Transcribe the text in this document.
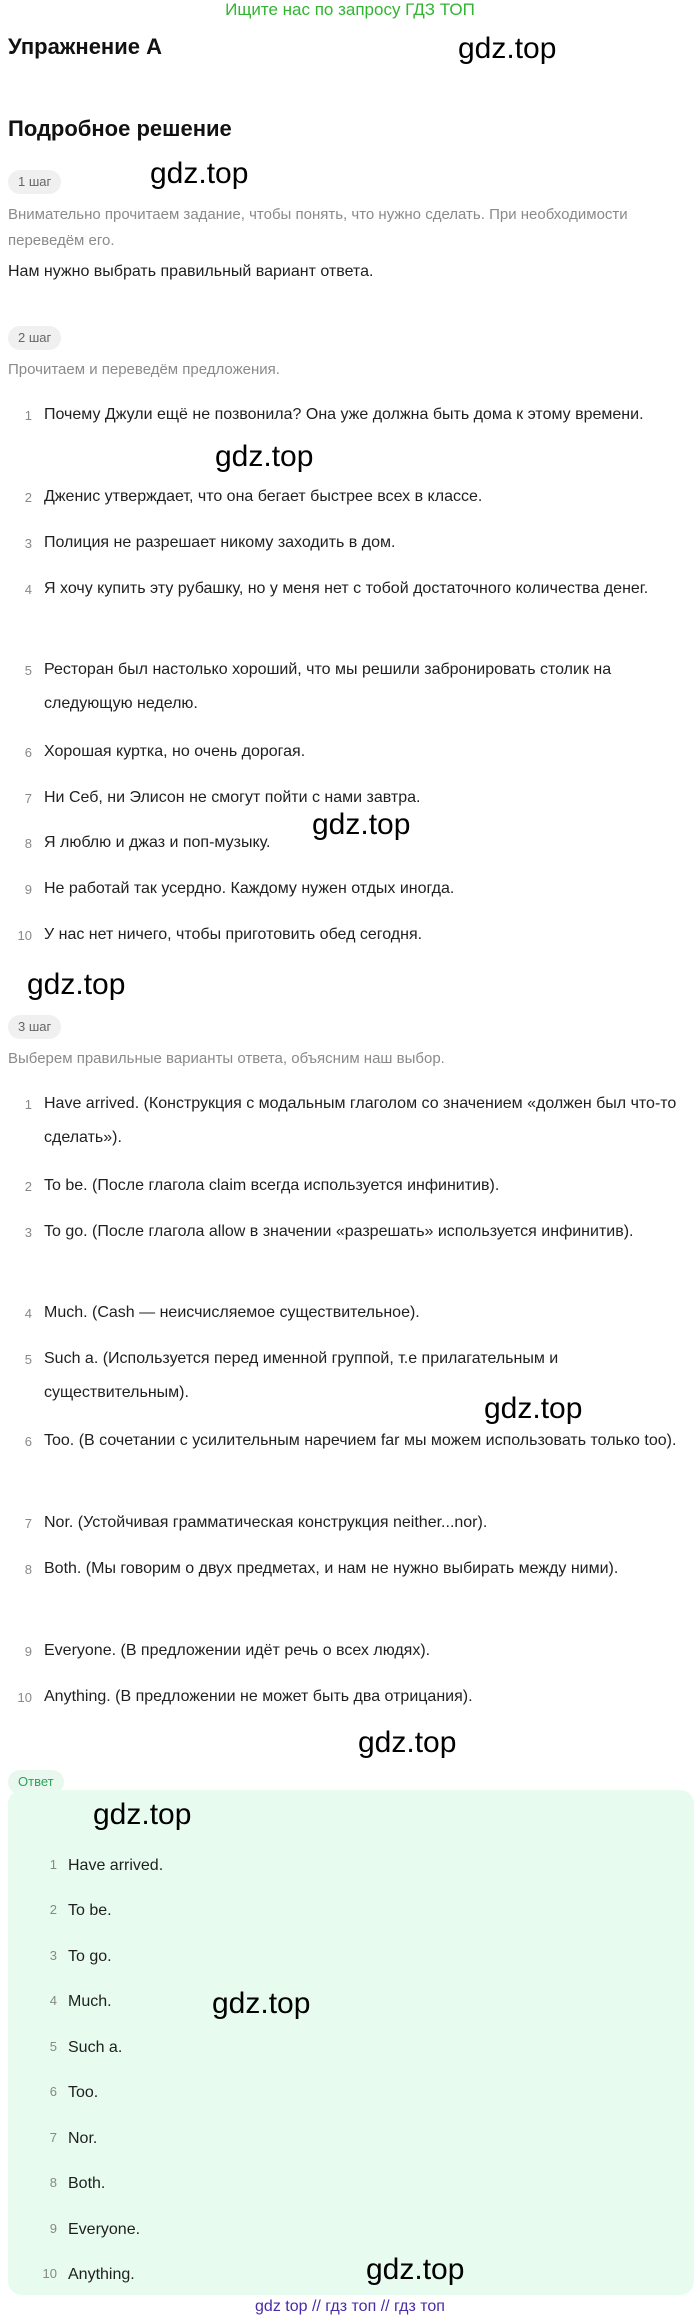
Ищите нас по запросу ГДЗ ТОП
Упражнение A	gdz.top
Подробное решение
1 шаг	gdz.top
Внимательно прочитаем задание, чтобы понять, что нужно сделать. При необходимости переведём его.
Нам нужно выбрать правильный вариант ответа.
2 шаг
Прочитаем и переведём предложения.
1 Почему Джули ещё не позвонила? Она уже должна быть дома к этому времени.
gdz.top
2 Дженис утверждает, что она бегает быстрее всех в классе.
3 Полиция не разрешает никому заходить в дом.
4 Я хочу купить эту рубашку, но у меня нет с тобой достаточного количества денег.
5 Ресторан был настолько хороший, что мы решили забронировать столик на следующую неделю.
6 Хорошая куртка, но очень дорогая.
7 Ни Себ, ни Элисон не смогут пойти с нами завтра.
8 Я люблю и джаз и поп-музыку.
gdz.top
9 Не работай так усердно. Каждому нужен отдых иногда.
10 У нас нет ничего, чтобы приготовить обед сегодня.
gdz.top
3 шаг
Выберем правильные варианты ответа, объясним наш выбор.
1 Have arrived. (Конструкция с модальным глаголом со значением «должен был что-то сделать»).
2 To be. (После глагола claim всегда используется инфинитив).
3 To go. (После глагола allow в значении «разрешать» используется инфинитив).
4 Much. (Cash — неисчисляемое существительное).
5 Such a. (Используется перед именной группой, т.е прилагательным и существительным).	gdz.top
6 Too. (В сочетании с усилительным наречием far мы можем использовать только too).
7 Nor. (Устойчивая грамматическая конструкция neither...nor).
8 Both. (Мы говорим о двух предметах, и нам не нужно выбирать между ними).
9 Everyone. (В предложении идёт речь о всех людях).
10 Anything. (В предложении не может быть два отрицания).
gdz.top
Ответ
gdz.top
1 Have arrived.
2 To be.
3 To go.
4 Much.	gdz.top
5 Such a.
6 Too.
7 Nor.
8 Both.
9 Everyone.
10 Anything.	gdz.top
gdz top // гдз топ // гдз топ
